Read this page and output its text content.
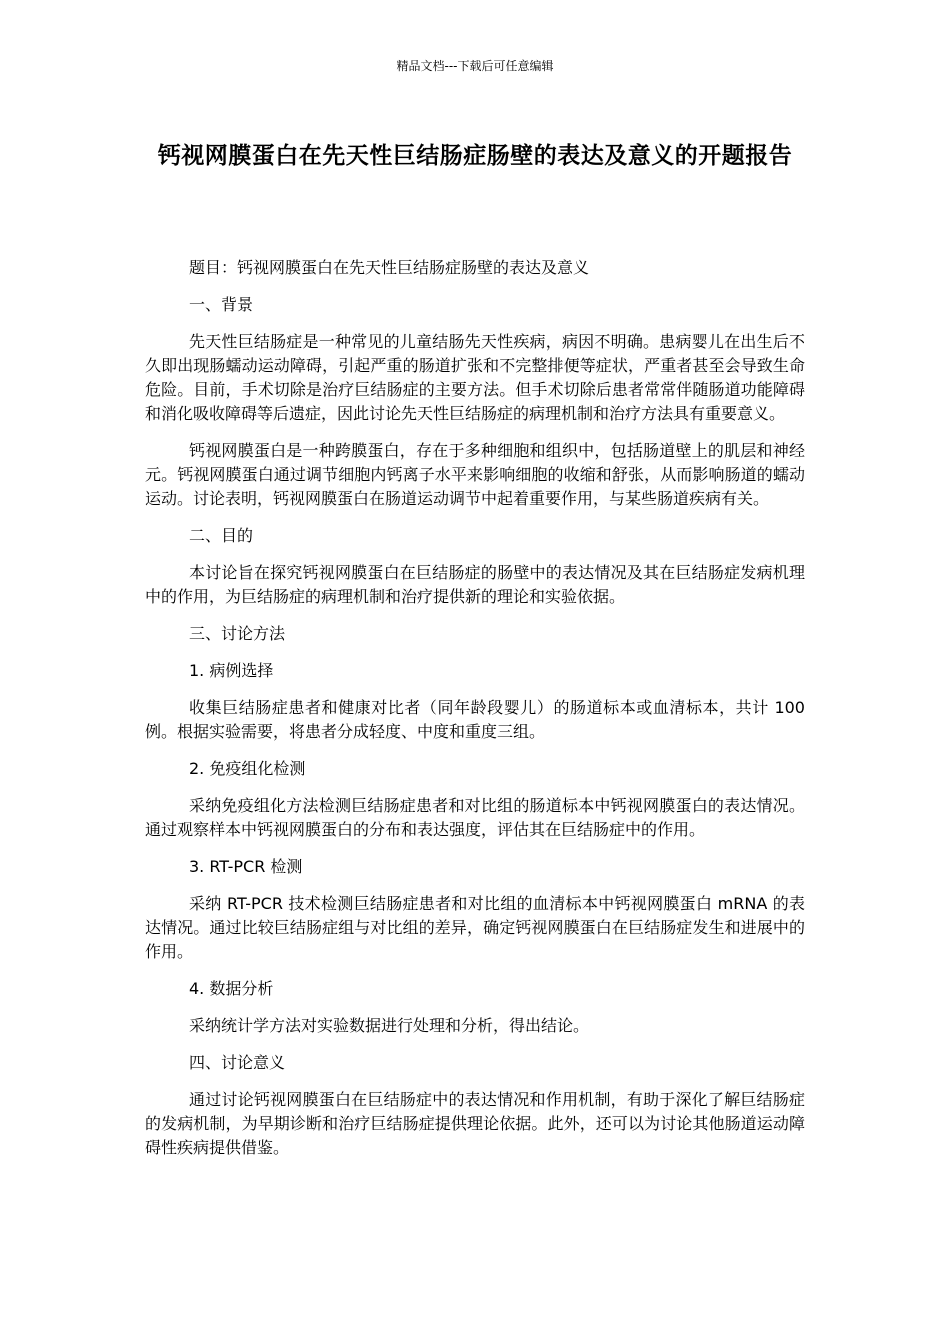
精品文档---下载后可任意编辑
钙视网膜蛋白在先天性巨结肠症肠壁的表达及意义的开题报告

题目：钙视网膜蛋白在先天性巨结肠症肠壁的表达及意义

一、背景

先天性巨结肠症是一种常见的儿童结肠先天性疾病，病因不明确。患病婴儿在出生后不久即出现肠蠕动运动障碍，引起严重的肠道扩张和不完整排便等症状，严重者甚至会导致生命危险。目前，手术切除是治疗巨结肠症的主要方法。但手术切除后患者常常伴随肠道功能障碍和消化吸收障碍等后遗症，因此讨论先天性巨结肠症的病理机制和治疗方法具有重要意义。

钙视网膜蛋白是一种跨膜蛋白，存在于多种细胞和组织中，包括肠道壁上的肌层和神经元。钙视网膜蛋白通过调节细胞内钙离子水平来影响细胞的收缩和舒张，从而影响肠道的蠕动运动。讨论表明，钙视网膜蛋白在肠道运动调节中起着重要作用，与某些肠道疾病有关。

二、目的

本讨论旨在探究钙视网膜蛋白在巨结肠症的肠壁中的表达情况及其在巨结肠症发病机理中的作用，为巨结肠症的病理机制和治疗提供新的理论和实验依据。

三、讨论方法

1. 病例选择

收集巨结肠症患者和健康对比者（同年龄段婴儿）的肠道标本或血清标本，共计 100 例。根据实验需要，将患者分成轻度、中度和重度三组。

2. 免疫组化检测

采纳免疫组化方法检测巨结肠症患者和对比组的肠道标本中钙视网膜蛋白的表达情况。通过观察样本中钙视网膜蛋白的分布和表达强度，评估其在巨结肠症中的作用。

3. RT-PCR 检测

采纳 RT-PCR 技术检测巨结肠症患者和对比组的血清标本中钙视网膜蛋白 mRNA 的表达情况。通过比较巨结肠症组与对比组的差异，确定钙视网膜蛋白在巨结肠症发生和进展中的作用。

4. 数据分析

采纳统计学方法对实验数据进行处理和分析，得出结论。

四、讨论意义

通过讨论钙视网膜蛋白在巨结肠症中的表达情况和作用机制，有助于深化了解巨结肠症的发病机制，为早期诊断和治疗巨结肠症提供理论依据。此外，还可以为讨论其他肠道运动障碍性疾病提供借鉴。
